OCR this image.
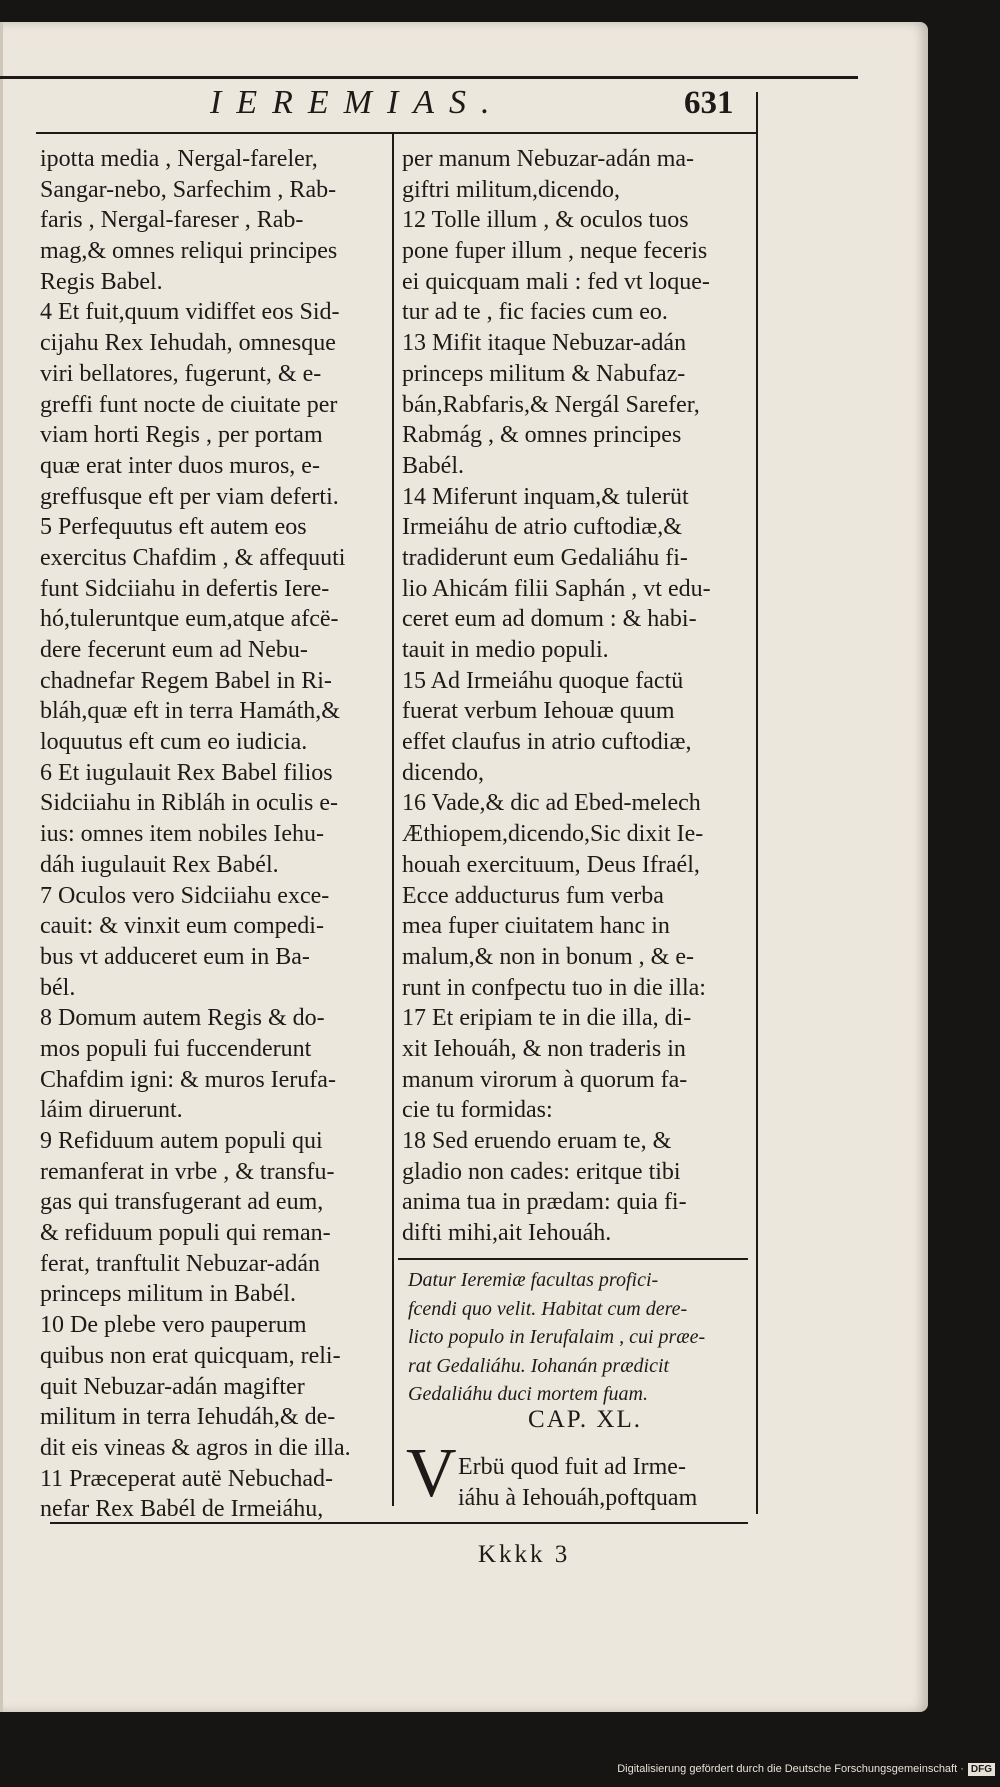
IEREMIAS.	631
ipotta media , Nergal-fareler,
Sangar-nebo, Sarfechim , Rab-
faris , Nergal-fareser , Rab-
mag,& omnes reliqui principes
Regis Babel.
4 Et fuit,quum vidiffet eos Sid-
cijahu Rex Iehudah, omnesque
viri bellatores, fugerunt, & e-
greffi funt nocte de ciuitate per
viam horti Regis , per portam
quæ erat inter duos muros, e-
greffusque eft per viam deferti.
5 Perfequutus eft autem eos
exercitus Chafdim , & affequuti
funt Sidciiahu in defertis Iere-
hó,tuleruntque eum,atque afcë-
dere fecerunt eum ad Nebu-
chadnefar Regem Babel in Ri-
bláh,quæ eft in terra Hamáth,&
loquutus eft cum eo iudicia.
6 Et iugulauit Rex Babel filios
Sidciiahu in Ribláh in oculis e-
ius: omnes item nobiles Iehu-
dáh iugulauit Rex Babél.
7 Oculos vero Sidciiahu exce-
cauit: & vinxit eum compedi-
bus vt adduceret eum in Ba-
bél.
8 Domum autem Regis & do-
mos populi fui fuccenderunt
Chafdim igni: & muros Ierufa-
láim diruerunt.
9 Refiduum autem populi qui
remanferat in vrbe , & transfu-
gas qui transfugerant ad eum,
& refiduum populi qui reman-
ferat, tranftulit Nebuzar-adán
princeps militum in Babél.
10 De plebe vero pauperum
quibus non erat quicquam, reli-
quit Nebuzar-adán magifter
militum in terra Iehudáh,& de-
dit eis vineas & agros in die illa.
11 Præceperat autë Nebuchad-
nefar Rex Babél de Irmeiáhu,
per manum Nebuzar-adán ma-
giftri militum,dicendo,
12 Tolle illum , & oculos tuos
pone fuper illum , neque feceris
ei quicquam mali : fed vt loque-
tur ad te , fic facies cum eo.
13 Mifit itaque Nebuzar-adán
princeps militum & Nabufaz-
bán,Rabfaris,& Nergál Sarefer,
Rabmág , & omnes principes
Babél.
14 Miferunt inquam,& tulerüt
Irmeiáhu de atrio cuftodiæ,&
tradiderunt eum Gedaliáhu fi-
lio Ahicám filii Saphán , vt edu-
ceret eum ad domum : & habi-
tauit in medio populi.
15 Ad Irmeiáhu quoque factü
fuerat verbum Iehouæ quum
effet claufus in atrio cuftodiæ,
dicendo,
16 Vade,& dic ad Ebed-melech
Æthiopem,dicendo,Sic dixit Ie-
houah exercituum, Deus Ifraél,
Ecce adducturus fum verba
mea fuper ciuitatem hanc in
malum,& non in bonum , & e-
runt in confpectu tuo in die illa:
17 Et eripiam te in die illa, di-
xit Iehouáh, & non traderis in
manum virorum à quorum fa-
cie tu formidas:
18 Sed eruendo eruam te, &
gladio non cades: eritque tibi
anima tua in prædam: quia fi-
difti mihi,ait Iehouáh.
Datur Ieremiæ facultas profici-
fcendi quo velit. Habitat cum dere-
licto populo in Ierufalaim , cui præe-
rat Gedaliáhu. Iohanán prædicit
Gedaliáhu duci mortem fuam.
CAP. XL.
V Erbü quod fuit ad Irme-
iáhu à Iehouáh,poftquam
Kkkk 3
Digitalisierung gefördert durch die Deutsche Forschungsgemeinschaft · DFG
